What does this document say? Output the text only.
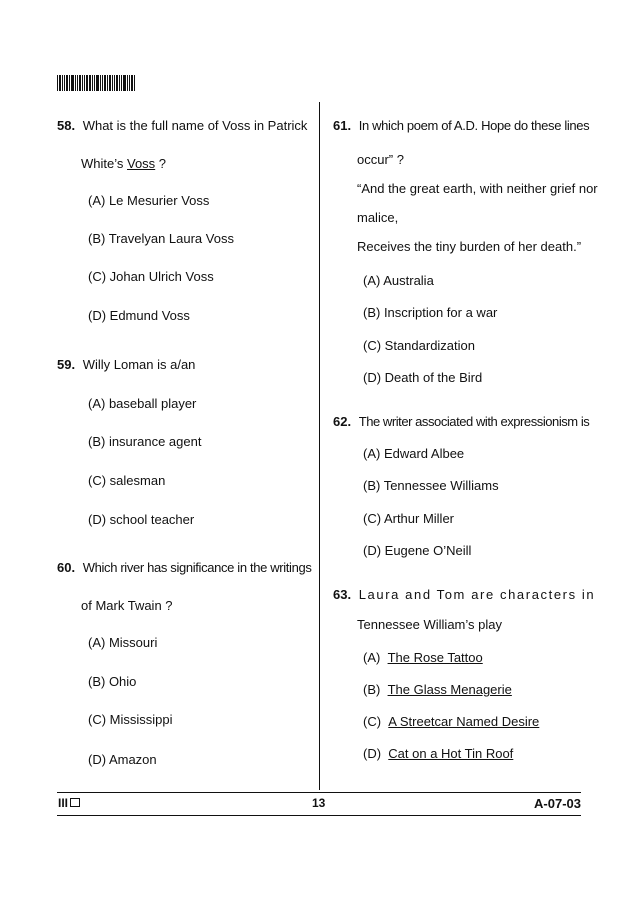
58. What is the full name of Voss in Patrick
White’s Voss ?
(A) Le Mesurier Voss
(B) Travelyan Laura Voss
(C) Johan Ulrich Voss
(D) Edmund Voss
59. Willy Loman is a/an
(A) baseball player
(B) insurance agent
(C) salesman
(D) school teacher
60. Which river has significance in the writings
of Mark Twain ?
(A) Missouri
(B) Ohio
(C) Mississippi
(D) Amazon
61. In which poem of A.D. Hope do these lines
occur” ?
“And the great earth, with neither grief nor
malice,
Receives the tiny burden of her death.”
(A) Australia
(B) Inscription for a war
(C) Standardization
(D) Death of the Bird
62. The writer associated with expressionism is
(A) Edward Albee
(B) Tennessee Williams
(C) Arthur Miller
(D) Eugene O’Neill
63. Laura and Tom are characters in
Tennessee William’s play
(A) The Rose Tattoo
(B) The Glass Menagerie
(C) A Streetcar Named Desire
(D) Cat on a Hot Tin Roof
III	13	A-07-03
